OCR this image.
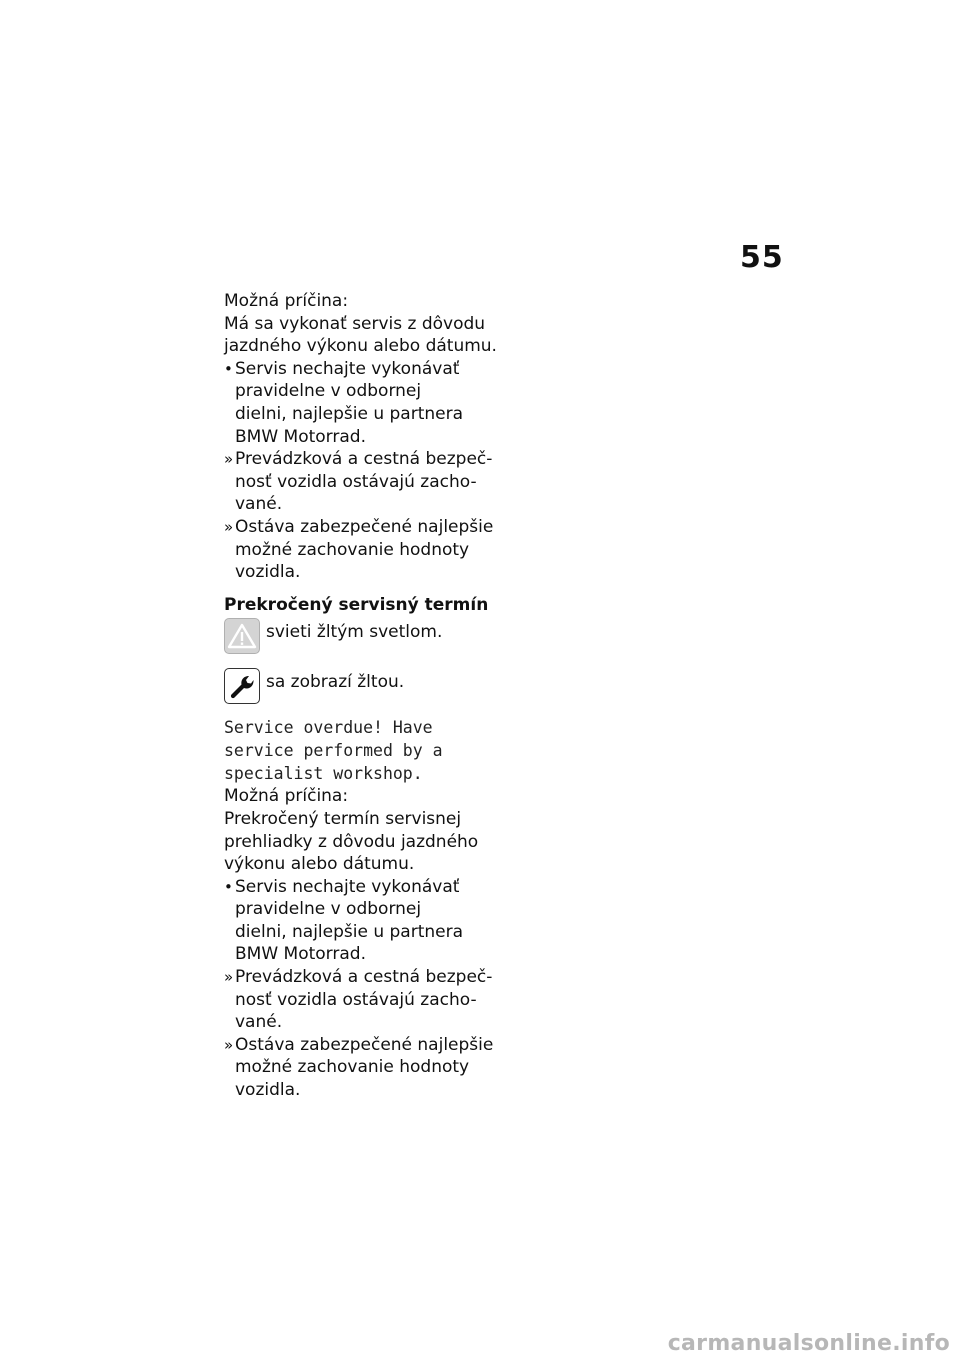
55
Možná príčina:
Má sa vykonať servis z dôvodu
jazdného výkonu alebo dátumu.
• Servis nechajte vykonávať
pravidelne v odbornej
dielni, najlepšie u partnera
BMW Motorrad.
» Prevádzková a cestná bezpeč-
nosť vozidla ostávajú zacho-
vané.
» Ostáva zabezpečené najlepšie
možné zachovanie hodnoty
vozidla.
Prekročený servisný termín
svieti žltým svetlom.
sa zobrazí žltou.
Service overdue! Have
service performed by a
specialist workshop.
Možná príčina:
Prekročený termín servisnej
prehliadky z dôvodu jazdného
výkonu alebo dátumu.
• Servis nechajte vykonávať
pravidelne v odbornej
dielni, najlepšie u partnera
BMW Motorrad.
» Prevádzková a cestná bezpeč-
nosť vozidla ostávajú zacho-
vané.
» Ostáva zabezpečené najlepšie
možné zachovanie hodnoty
vozidla.
carmanualsonline.info
